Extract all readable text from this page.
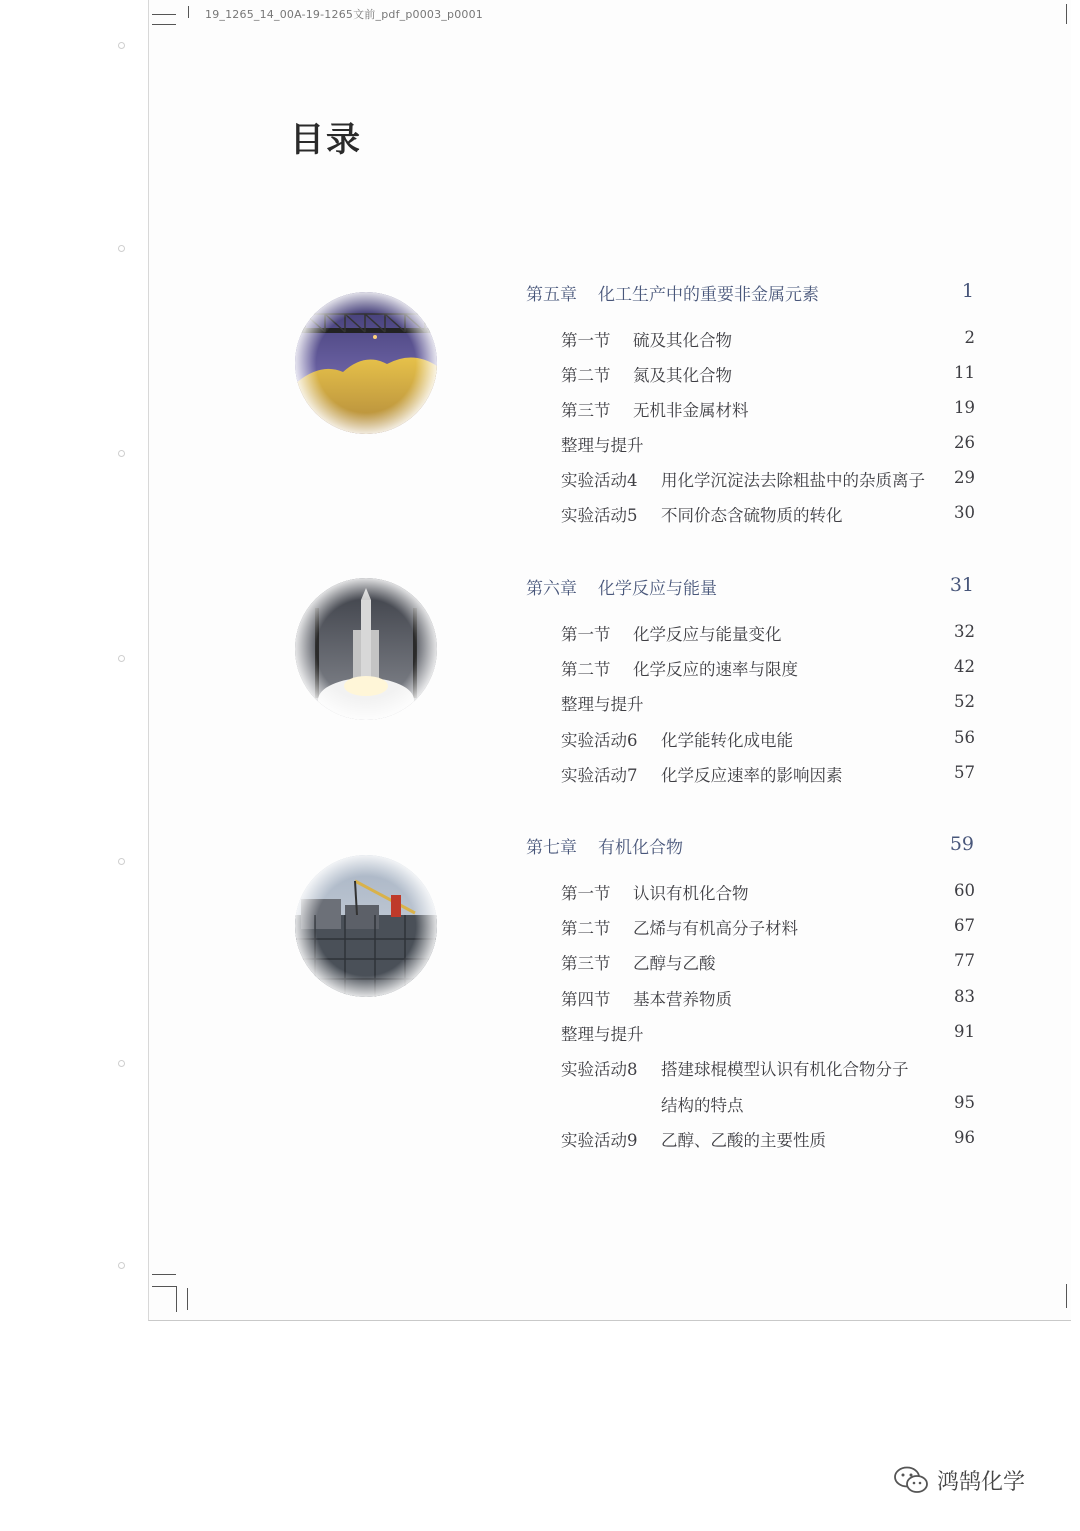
19_1265_14_00A-19-1265文前_pdf_p0003_p0001
目录
第五章 化工生产中的重要非金属元素	1
第一节 硫及其化合物	2
第二节 氮及其化合物	11
第三节 无机非金属材料	19
整理与提升	26
实验活动4 用化学沉淀法去除粗盐中的杂质离子 29
实验活动5 不同价态含硫物质的转化	30
第六章 化学反应与能量	31
第一节 化学反应与能量变化	32
第二节 化学反应的速率与限度	42
整理与提升	52
实验活动6 化学能转化成电能	56
实验活动7 化学反应速率的影响因素	57
第七章 有机化合物	59
第一节 认识有机化合物	60
第二节 乙烯与有机高分子材料	67
第三节 乙醇与乙酸	77
第四节 基本营养物质	83
整理与提升	91
实验活动8 搭建球棍模型认识有机化合物分子
结构的特点	95
实验活动9 乙醇、乙酸的主要性质	96
鸿鹄化学
